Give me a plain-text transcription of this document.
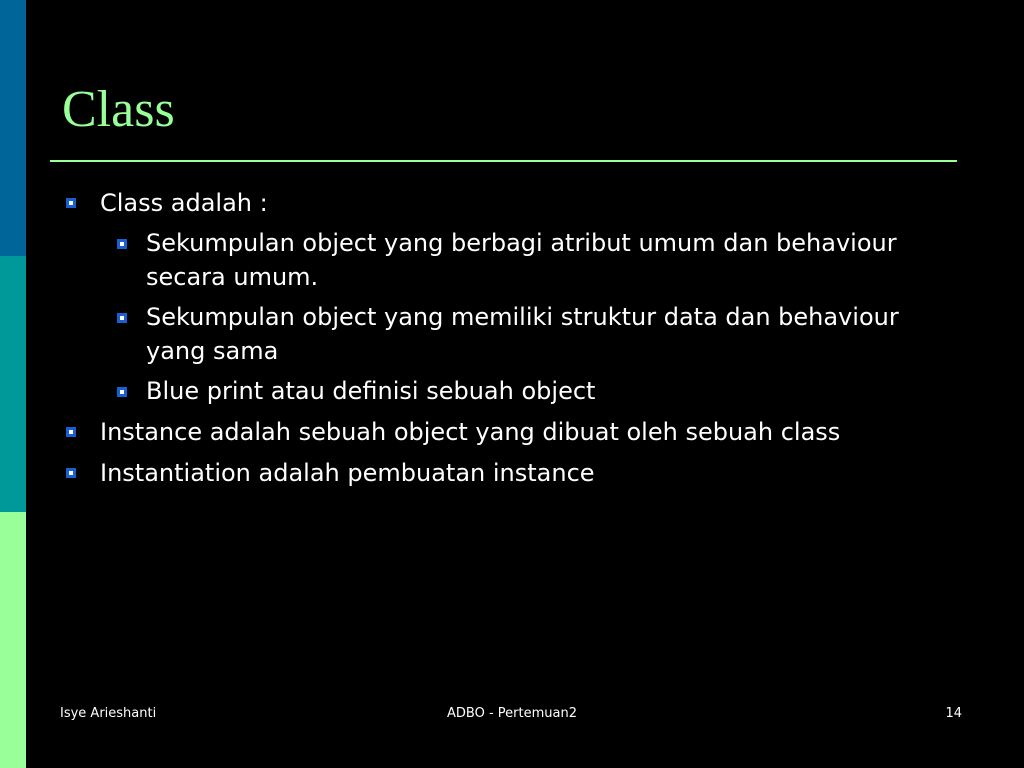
Class
Class adalah :
Sekumpulan object yang berbagi atribut umum dan behaviour secara umum.
Sekumpulan object yang memiliki struktur data dan behaviour yang sama
Blue print atau definisi sebuah object
Instance adalah sebuah object yang dibuat oleh sebuah class
Instantiation adalah pembuatan instance
Isye Arieshanti	ADBO - Pertemuan2	14
